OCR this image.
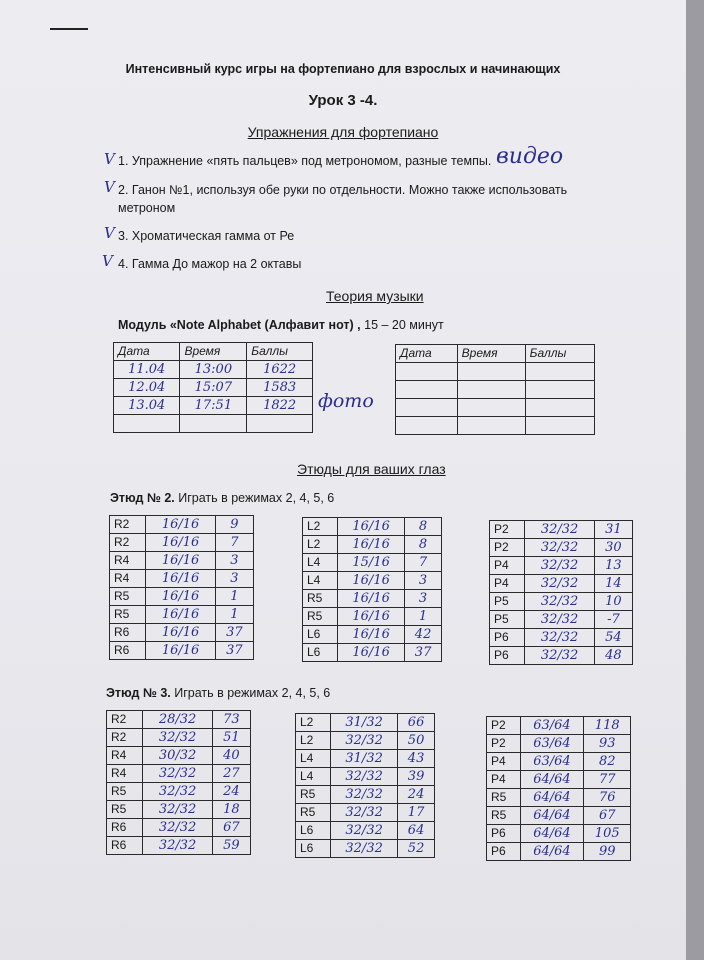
Интенсивный курс игры на фортепиано для взрослых и начинающих
Урок 3 -4.
Упражнения для фортепиано
V 1. Упражнение «пять пальцев» под метрономом, разные темпы. видео
V 2. Ганон №1, используя обе руки по отдельности. Можно также использовать
метроном
V 3. Хроматическая гамма от Ре
V 4. Гамма До мажор на 2 октавы
Теория музыки
Модуль «Note Alphabet (Алфавит нот) , 15 – 20 минут
Дата	Время	Баллы
11.04	13:00	1622
12.04	15:07	1583
13.04	17:51	1822
		фото
Дата	Время	Баллы

Этюды для ваших глаз
Этюд № 2. Играть в режимах 2, 4, 5, 6
R2	16/16	9
R2	16/16	7
R4	16/16	3
R4	16/16	3
R5	16/16	1
R5	16/16	1
R6	16/16	37
R6	16/16	37
L2	16/16	8
L2	16/16	8
L4	15/16	7
L4	16/16	3
R5	16/16	3
R5	16/16	1
L6	16/16	42
L6	16/16	37
P2	32/32	31
P2	32/32	30
P4	32/32	13
P4	32/32	14
P5	32/32	10
P5	32/32	-7
P6	32/32	54
P6	32/32	48
Этюд № 3. Играть в режимах 2, 4, 5, 6
R2	28/32	73
R2	32/32	51
R4	30/32	40
R4	32/32	27
R5	32/32	24
R5	32/32	18
R6	32/32	67
R6	32/32	59
L2	31/32	66
L2	32/32	50
L4	31/32	43
L4	32/32	39
R5	32/32	24
R5	32/32	17
L6	32/32	64
L6	32/32	52
P2	63/64	118
P2	63/64	93
P4	63/64	82
P4	64/64	77
R5	64/64	76
R5	64/64	67
P6	64/64	105
P6	64/64	99
